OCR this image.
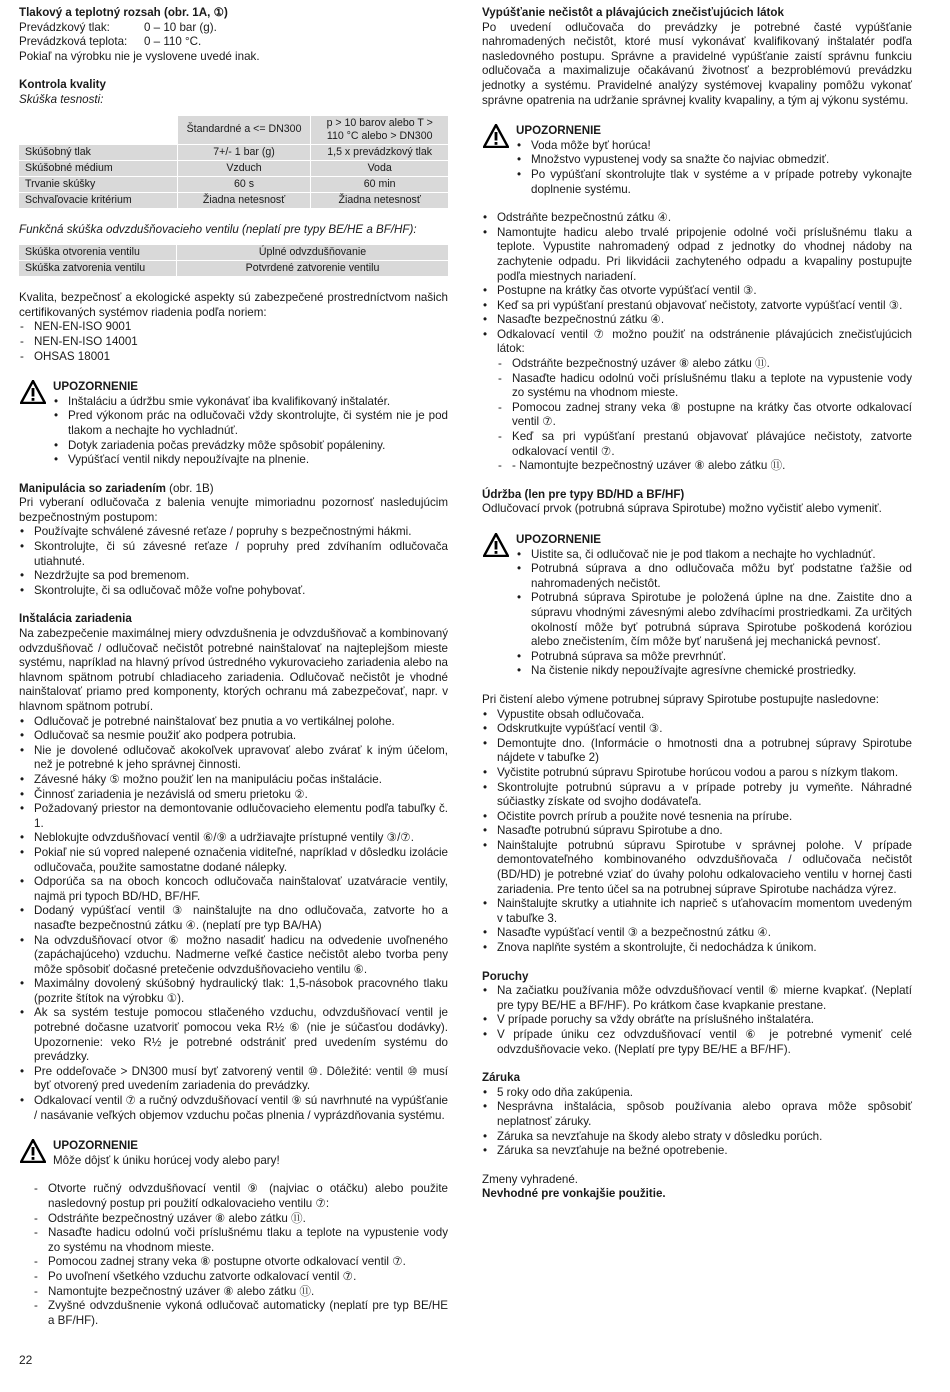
Tlakový a teplotný rozsah (obr. 1A, ①)

Prevádzkový tlak:	0 – 10 bar (g).
Prevádzková teplota:	0 – 110 °C.

Pokiaľ na výrobku nie je vyslovene uvedé inak.

Kontrola kvality

Skúška tesnosti:

	Štandardné a <= DN300	p > 10 barov alebo T > 110 °C alebo > DN300
Skúšobný tlak	7+/- 1 bar (g)	1,5 x prevádzkový tlak
Skúšobné médium	Vzduch	Voda
Trvanie skúšky	60 s	60 min
Schvaľovacie kritérium	Žiadna netesnosť	Žiadna netesnosť

Funkčná skúška odvzdušňovacieho ventilu (neplatí pre typy BE/HE a BF/HF):

Skúška otvorenia ventilu	Úplné odvzdušňovanie
Skúška zatvorenia ventilu	Potvrdené zatvorenie ventilu

Kvalita, bezpečnosť a ekologické aspekty sú zabezpečené prostredníctvom našich certifikovaných systémov riadenia podľa noriem:

- NEN-EN-ISO 9001
- NEN-EN-ISO 14001
- OHSAS 18001

UPOZORNENIE

• Inštaláciu a údržbu smie vykonávať iba kvalifikovaný inštalatér.
• Pred výkonom prác na odlučovači vždy skontrolujte, či systém nie je pod tlakom a nechajte ho vychladnúť.
• Dotyk zariadenia počas prevádzky môže spôsobiť popáleniny.
• Vypúšťací ventil nikdy nepoužívajte na plnenie.

Manipulácia so zariadením (obr. 1B)

Pri vyberaní odlučovača z balenia venujte mimoriadnu pozornosť nasledujúcim bezpečnostným postupom:

• Používajte schválené závesné reťaze / popruhy s bezpečnostnými hákmi.
• Skontrolujte, či sú závesné reťaze / popruhy pred zdvíhaním odlučovača utiahnuté.
• Nezdržujte sa pod bremenom.
• Skontrolujte, či sa odlučovač môže voľne pohybovať.

Inštalácia zariadenia

Na zabezpečenie maximálnej miery odvzdušnenia je odvzdušňovač a kombinovaný odvzdušňovač / odlučovač nečistôt potrebné nainštalovať na najteplejšom mieste systému, napríklad na hlavný prívod ústredného vykurovacieho zariadenia alebo na hlavnom spätnom potrubí chladiaceho zariadenia. Odlučovač nečistôt je vhodné nainštalovať priamo pred komponenty, ktorých ochranu má zabezpečovať, napr. v hlavnom spätnom potrubí.

• Odlučovač je potrebné nainštalovať bez pnutia a vo vertikálnej polohe.
• Odlučovač sa nesmie použiť ako podpera potrubia.
• Nie je dovolené odlučovač akokoľvek upravovať alebo zvárať k iným účelom, než je potrebné k jeho správnej činnosti.
• Závesné háky ⑤ možno použiť len na manipuláciu počas inštalácie.
• Činnosť zariadenia je nezávislá od smeru prietoku ②.
• Požadovaný priestor na demontovanie odlučovacieho elementu podľa tabuľky č. 1.
• Neblokujte odvzdušňovací ventil ⑥/⑨ a udržiavajte prístupné ventily ③/⑦.
• Pokiaľ nie sú vopred nalepené označenia viditeľné, napríklad v dôsledku izolácie odlučovača, použite samostatne dodané nálepky.
• Odporúča sa na oboch koncoch odlučovača nainštalovať uzatváracie ventily, najmä pri typoch BD/HD, BF/HF.
• Dodaný vypúšťací ventil ③ nainštalujte na dno odlučovača, zatvorte ho a nasaďte bezpečnostnú zátku ④. (neplatí pre typ BA/HA)
• Na odvzdušňovací otvor ⑥ možno nasadiť hadicu na odvedenie uvoľneného (zapáchajúceho) vzduchu. Nadmerne veľké častice nečistôt alebo tvorba peny môže spôsobiť dočasné pretečenie odvzdušňovacieho ventilu ⑥.
• Maximálny dovolený skúšobný hydraulický tlak: 1,5-násobok pracovného tlaku (pozrite štítok na výrobku ①).
• Ak sa systém testuje pomocou stlačeného vzduchu, odvzdušňovací ventil je potrebné dočasne uzatvoriť pomocou veka R½ ⑥ (nie je súčasťou dodávky). Upozornenie: veko R½ je potrebné odstrániť pred uvedením systému do prevádzky.
• Pre oddeľovače > DN300 musí byť zatvorený ventil ⑩. Dôležité: ventil ⑩ musí byť otvorený pred uvedením zariadenia do prevádzky.
• Odkalovací ventil ⑦ a ručný odvzdušňovací ventil ⑨ sú navrhnuté na vypúšťanie / nasávanie veľkých objemov vzduchu počas plnenia / vyprázdňovania systému.

UPOZORNENIE

Môže dôjsť k úniku horúcej vody alebo pary!

- Otvorte ručný odvzdušňovací ventil ⑨ (najviac o otáčku) alebo použite nasledovný postup pri použití odkalovacieho ventilu ⑦:
- Odstráňte bezpečnostný uzáver ⑧ alebo zátku ⑪.
- Nasaďte hadicu odolnú voči príslušnému tlaku a teplote na vypustenie vody zo systému na vhodnom mieste.
- Pomocou zadnej strany veka ⑧ postupne otvorte odkalovací ventil ⑦.
- Po uvoľnení všetkého vzduchu zatvorte odkalovací ventil ⑦.
- Namontujte bezpečnostný uzáver ⑧ alebo zátku ⑪.
- Zvyšné odvzdušnenie vykoná odlučovač automaticky (neplatí pre typ BE/HE a BF/HF).

Vypúšťanie nečistôt a plávajúcich znečisťujúcich látok

Po uvedení odlučovača do prevádzky je potrebné časté vypúšťanie nahromadených nečistôt, ktoré musí vykonávať kvalifikovaný inštalatér podľa nasledovného postupu. Správne a pravidelné vypúšťanie zaistí správnu funkciu odlučovača a maximalizuje očakávanú životnosť a bezproblémovú prevádzku jednotky a systému. Pravidelné analýzy systémovej kvapaliny pomôžu vykonať správne opatrenia na udržanie správnej kvality kvapaliny, a tým aj výkonu systému.

UPOZORNENIE

• Voda môže byť horúca!
• Množstvo vypustenej vody sa snažte čo najviac obmedziť.
• Po vypúšťaní skontrolujte tlak v systéme a v prípade potreby vykonajte doplnenie systému.
• Odstráňte bezpečnostnú zátku ④.
• Namontujte hadicu alebo trvalé pripojenie odolné voči príslušnému tlaku a teplote. Vypustite nahromadený odpad z jednotky do vhodnej nádoby na zachytenie odpadu. Pri likvidácii zachyteného odpadu a kvapaliny postupujte podľa miestnych nariadení.
• Postupne na krátky čas otvorte vypúšťací ventil ③.
• Keď sa pri vypúšťaní prestanú objavovať nečistoty, zatvorte vypúšťací ventil ③.
• Nasaďte bezpečnostnú zátku ④.
• Odkalovací ventil ⑦ možno použiť na odstránenie plávajúcich znečisťujúcich látok:
- Odstráňte bezpečnostný uzáver ⑧ alebo zátku ⑪.
- Nasaďte hadicu odolnú voči príslušnému tlaku a teplote na vypustenie vody zo systému na vhodnom mieste.
- Pomocou zadnej strany veka ⑧ postupne na krátky čas otvorte odkalovací ventil ⑦.
- Keď sa pri vypúšťaní prestanú objavovať plávajúce nečistoty, zatvorte odkalovací ventil ⑦.
- - Namontujte bezpečnostný uzáver ⑧ alebo zátku ⑪.

Údržba (len pre typy BD/HD a BF/HF)

Odlučovací prvok (potrubná súprava Spirotube) možno vyčistiť alebo vymeniť.

UPOZORNENIE

• Uistite sa, či odlučovač nie je pod tlakom a nechajte ho vychladnúť.
• Potrubná súprava a dno odlučovača môžu byť podstatne ťažšie od nahromadených nečistôt.
• Potrubná súprava Spirotube je položená úplne na dne. Zaistite dno a súpravu vhodnými závesnými alebo zdvíhacími prostriedkami. Za určitých okolností môže byť potrubná súprava Spirotube poškodená koróziou alebo znečistením, čím môže byť narušená jej mechanická pevnosť.
• Potrubná súprava sa môže prevrhnúť.
• Na čistenie nikdy nepoužívajte agresívne chemické prostriedky.

Pri čistení alebo výmene potrubnej súpravy Spirotube postupujte nasledovne:

• Vypustite obsah odlučovača.
• Odskrutkujte vypúšťací ventil ③.
• Demontujte dno. (Informácie o hmotnosti dna a potrubnej súpravy Spirotube nájdete v tabuľke 2)
• Vyčistite potrubnú súpravu Spirotube horúcou vodou a parou s nízkym tlakom.
• Skontrolujte potrubnú súpravu a v prípade potreby ju vymeňte. Náhradné súčiastky získate od svojho dodávateľa.
• Očistite povrch prírub a použite nové tesnenia na prírube.
• Nasaďte potrubnú súpravu Spirotube a dno.
• Nainštalujte potrubnú súpravu Spirotube v správnej polohe. V prípade demontovateľného kombinovaného odvzdušňovača / odlučovača nečistôt (BD/HD) je potrebné vziať do úvahy polohu odkalovacieho ventilu v hornej časti zariadenia. Pre tento účel sa na potrubnej súprave Spirotube nachádza výrez.
• Nainštalujte skrutky a utiahnite ich naprieč s uťahovacím momentom uvedeným v tabuľke 3.
• Nasaďte vypúšťací ventil ③ a bezpečnostnú zátku ④.
• Znova naplňte systém a skontrolujte, či nedochádza k únikom.

Poruchy

• Na začiatku používania môže odvzdušňovací ventil ⑥ mierne kvapkať. (Neplatí pre typy BE/HE a BF/HF). Po krátkom čase kvapkanie prestane.
• V prípade poruchy sa vždy obráťte na príslušného inštalatéra.
• V prípade úniku cez odvzdušňovací ventil ⑥ je potrebné vymeniť celé odvzdušňovacie veko. (Neplatí pre typy BE/HE a BF/HF).

Záruka

• 5 roky odo dňa zakúpenia.
• Nesprávna inštalácia, spôsob používania alebo oprava môže spôsobiť neplatnosť záruky.
• Záruka sa nevzťahuje na škody alebo straty v dôsledku porúch.
• Záruka sa nevzťahuje na bežné opotrebenie.

Zmeny vyhradené.

Nevhodné pre vonkajšie použitie.

22
